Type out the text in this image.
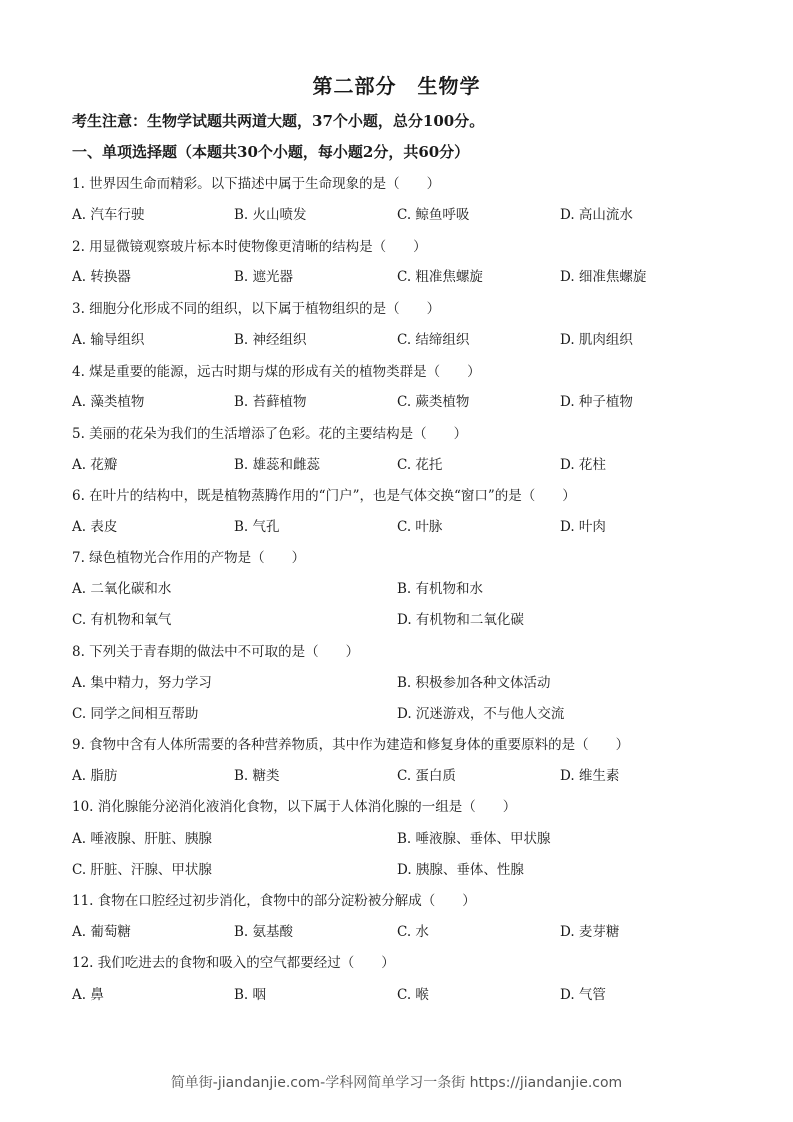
第二部分　生物学
考生注意：生物学试题共两道大题，37个小题，总分100分。
一、单项选择题（本题共30个小题，每小题2分，共60分）
1. 世界因生命而精彩。以下描述中属于生命现象的是（　　）
A. 汽车行驶	B. 火山喷发	C. 鲸鱼呼吸	D. 高山流水
2. 用显微镜观察玻片标本时使物像更清晰的结构是（　　）
A. 转换器	B. 遮光器	C. 粗准焦螺旋	D. 细准焦螺旋
3. 细胞分化形成不同的组织，以下属于植物组织的是（　　）
A. 输导组织	B. 神经组织	C. 结缔组织	D. 肌肉组织
4. 煤是重要的能源，远古时期与煤的形成有关的植物类群是（　　）
A. 藻类植物	B. 苔藓植物	C. 蕨类植物	D. 种子植物
5. 美丽的花朵为我们的生活增添了色彩。花的主要结构是（　　）
A. 花瓣	B. 雄蕊和雌蕊	C. 花托	D. 花柱
6. 在叶片的结构中，既是植物蒸腾作用的“门户”，也是气体交换“窗口”的是（　　）
A. 表皮	B. 气孔	C. 叶脉	D. 叶肉
7. 绿色植物光合作用的产物是（　　）
A. 二氧化碳和水	B. 有机物和水
C. 有机物和氧气	D. 有机物和二氧化碳
8. 下列关于青春期的做法中不可取的是（　　）
A. 集中精力，努力学习	B. 积极参加各种文体活动
C. 同学之间相互帮助	D. 沉迷游戏，不与他人交流
9. 食物中含有人体所需要的各种营养物质，其中作为建造和修复身体的重要原料的是（　　）
A. 脂肪	B. 糖类	C. 蛋白质	D. 维生素
10. 消化腺能分泌消化液消化食物，以下属于人体消化腺的一组是（　　）
A. 唾液腺、肝脏、胰腺	B. 唾液腺、垂体、甲状腺
C. 肝脏、汗腺、甲状腺	D. 胰腺、垂体、性腺
11. 食物在口腔经过初步消化，食物中的部分淀粉被分解成（　　）
A. 葡萄糖	B. 氨基酸	C. 水	D. 麦芽糖
12. 我们吃进去的食物和吸入的空气都要经过（　　）
A. 鼻	B. 咽	C. 喉	D. 气管
简单街-jiandanjie.com-学科网简单学习一条街 https://jiandanjie.com
